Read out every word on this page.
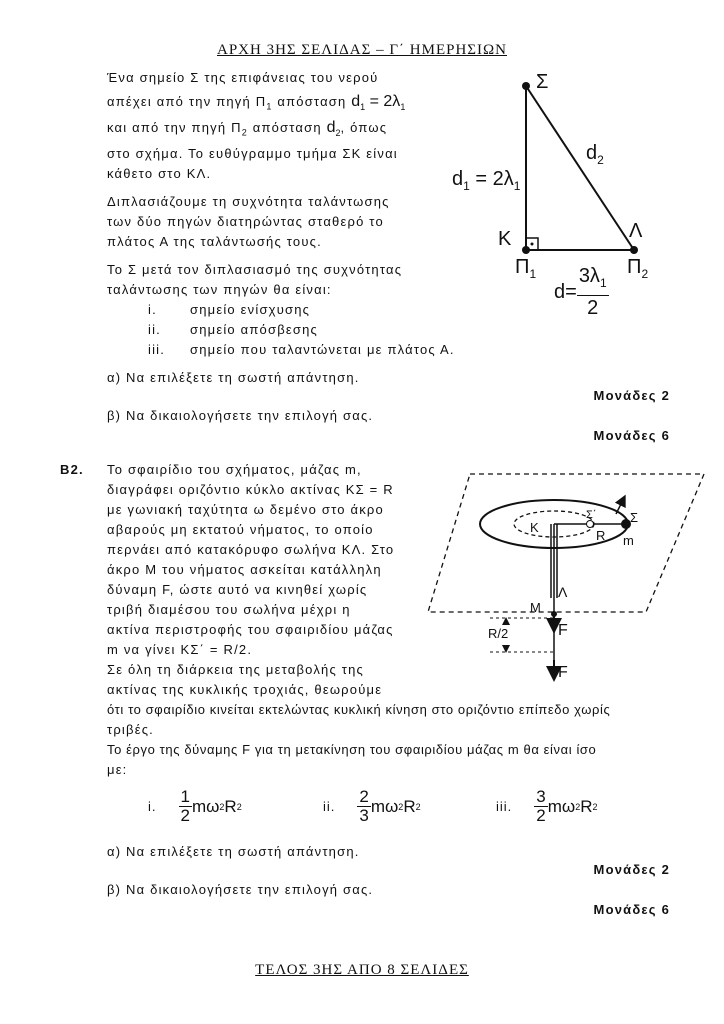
ΑΡΧΗ 3ΗΣ ΣΕΛΙΔΑΣ – Γ΄ ΗΜΕΡΗΣΙΩΝ
Ένα σημείο Σ της επιφάνειας του νερού
απέχει από την πηγή $\Pi_1$ απόσταση $d_1 = 2\lambda_1$
και από την πηγή $\Pi_2$ απόσταση $d_2$, όπως
στο σχήμα. Το ευθύγραμμο τμήμα ΣΚ είναι
κάθετο στο ΚΛ.
Διπλασιάζουμε τη συχνότητα ταλάντωσης
των δύο πηγών διατηρώντας σταθερό το
πλάτος Α της ταλάντωσής τους.
Το Σ μετά τον διπλασιασμό της συχνότητας
ταλάντωσης των πηγών θα είναι:
i.	σημείο ενίσχυσης
ii. σημείο απόσβεσης
iii. σημείο που ταλαντώνεται με πλάτος Α.
α) Να επιλέξετε τη σωστή απάντηση.
Μονάδες 2
β) Να δικαιολογήσετε την επιλογή σας.
Μονάδες 6
Σ
$d_2$
$d_1 = 2\lambda_1$
Κ	Λ
$\Pi_1$	$\Pi_2$
$d= \frac{3\lambda_1}{2}$
Β2. Το σφαιρίδιο του σχήματος, μάζας m,
διαγράφει οριζόντιο κύκλο ακτίνας ΚΣ = R
με γωνιακή ταχύτητα ω δεμένο στο άκρο
αβαρούς μη εκτατού νήματος, το οποίο
περνάει από κατακόρυφο σωλήνα ΚΛ. Στο
άκρο Μ του νήματος ασκείται κατάλληλη
δύναμη F, ώστε αυτό να κινηθεί χωρίς
τριβή διαμέσου του σωλήνα μέχρι η
ακτίνα περιστροφής του σφαιριδίου μάζας
m να γίνει ΚΣ΄ = R/2.
Σε όλη τη διάρκεια της μεταβολής της
ακτίνας της κυκλικής τροχιάς, θεωρούμε
ότι το σφαιρίδιο κινείται εκτελώντας κυκλική κίνηση στο οριζόντιο επίπεδο χωρίς
τριβές.
Το έργο της δύναμης F για τη μετακίνηση του σφαιριδίου μάζας m θα είναι ίσο
με:
i. $\frac{1}{2}$ mω 2 R 2	ii. $\frac{2}{3}$ mω 2 R 2	iii. $\frac{3}{2}$ mω 2 R 2
α) Να επιλέξετε τη σωστή απάντηση.
Μονάδες 2
β) Να δικαιολογήσετε την επιλογή σας.
Μονάδες 6
Κ
Σ΄	Σ
R m
Λ
Μ
R/2	F
F
ΤΕΛΟΣ 3ΗΣ ΑΠΟ 8 ΣΕΛΙΔΕΣ
